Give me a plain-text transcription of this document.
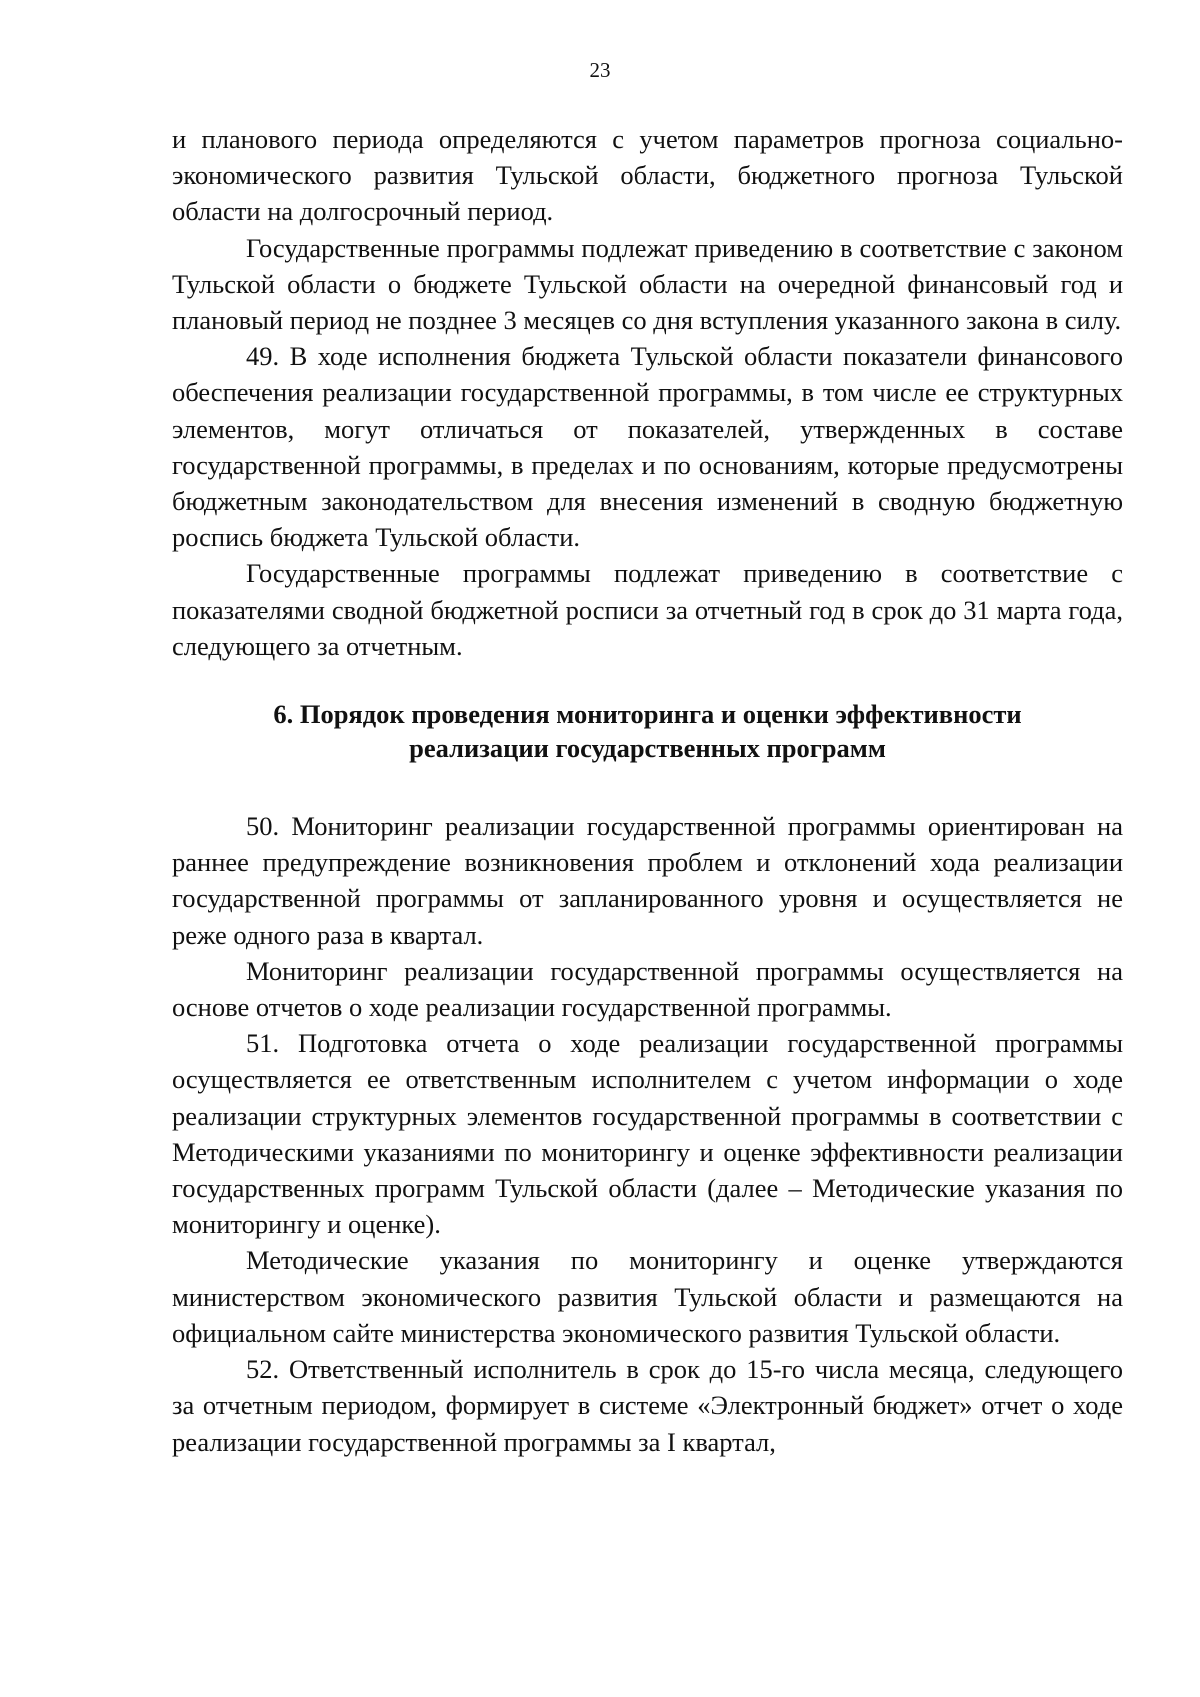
23

и планового периода определяются с учетом параметров прогноза социально-экономического развития Тульской области, бюджетного прогноза Тульской области на долгосрочный период.

Государственные программы подлежат приведению в соответствие с законом Тульской области о бюджете Тульской области на очередной финансовый год и плановый период не позднее 3 месяцев со дня вступления указанного закона в силу.

49. В ходе исполнения бюджета Тульской области показатели финансового обеспечения реализации государственной программы, в том числе ее структурных элементов, могут отличаться от показателей, утвержденных в составе государственной программы, в пределах и по основаниям, которые предусмотрены бюджетным законодательством для внесения изменений в сводную бюджетную роспись бюджета Тульской области.

Государственные программы подлежат приведению в соответствие с показателями сводной бюджетной росписи за отчетный год в срок до 31 марта года, следующего за отчетным.

6. Порядок проведения мониторинга и оценки эффективности
реализации государственных программ

50. Мониторинг реализации государственной программы ориентирован на раннее предупреждение возникновения проблем и отклонений хода реализации государственной программы от запланированного уровня и осуществляется не реже одного раза в квартал.

Мониторинг реализации государственной программы осуществляется на основе отчетов о ходе реализации государственной программы.

51. Подготовка отчета о ходе реализации государственной программы осуществляется ее ответственным исполнителем с учетом информации о ходе реализации структурных элементов государственной программы в соответствии с Методическими указаниями по мониторингу и оценке эффективности реализации государственных программ Тульской области (далее – Методические указания по мониторингу и оценке).

Методические указания по мониторингу и оценке утверждаются министерством экономического развития Тульской области и размещаются на официальном сайте министерства экономического развития Тульской области.

52. Ответственный исполнитель в срок до 15-го числа месяца, следующего за отчетным периодом, формирует в системе «Электронный бюджет» отчет о ходе реализации государственной программы за I квартал,
